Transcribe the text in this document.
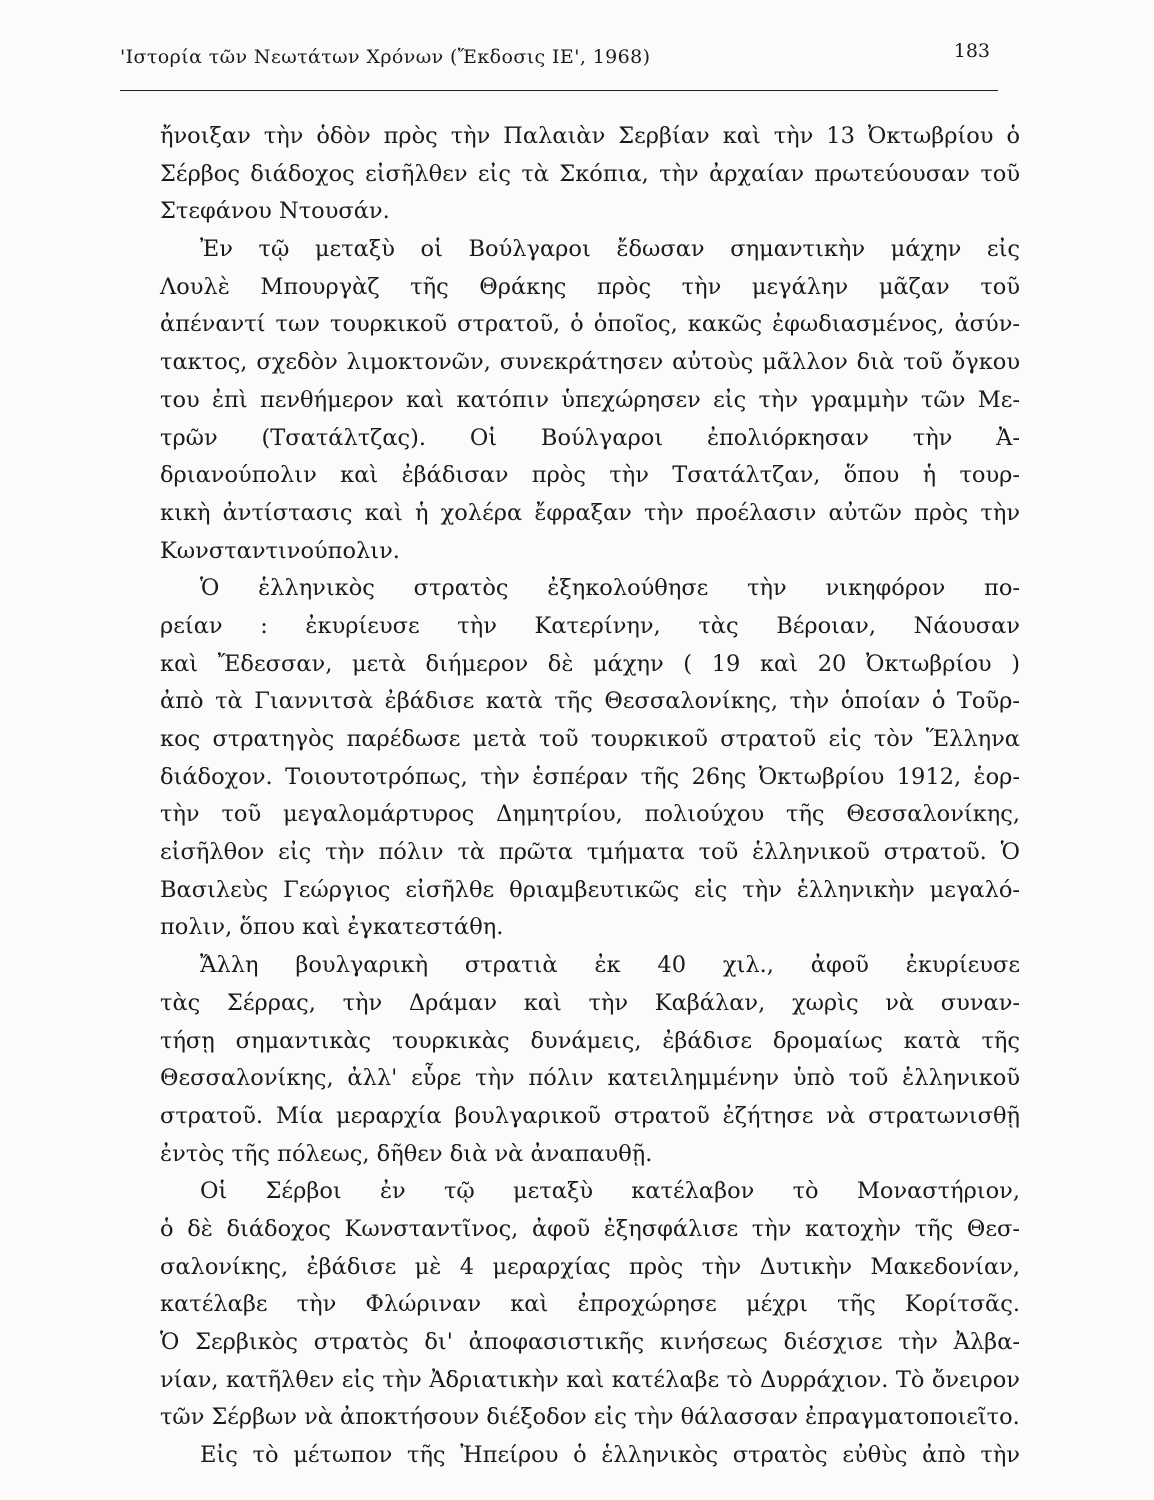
'Ιστορία τῶν Νεωτάτων Χρόνων (Ἔκδοσις ΙΕ', 1968)	183
ἤνοιξαν τὴν ὁδὸν πρὸς τὴν Παλαιὰν Σερβίαν καὶ τὴν 13 Ὀκτωβρίου ὁ
Σέρβος διάδοχος εἰσῆλθεν εἰς τὰ Σκόπια, τὴν ἀρχαίαν πρωτεύουσαν τοῦ
Στεφάνου Ντουσάν.
Ἐν τῷ μεταξὺ οἱ Βούλγαροι ἔδωσαν σημαντικὴν μάχην εἰς
Λουλὲ Μπουργὰζ τῆς Θράκης πρὸς τὴν μεγάλην μᾶζαν τοῦ
ἀπέναντί των τουρκικοῦ στρατοῦ, ὁ ὁποῖος, κακῶς ἐφωδιασμένος, ἀσύν-
τακτος, σχεδὸν λιμοκτονῶν, συνεκράτησεν αὐτοὺς μᾶλλον διὰ τοῦ ὄγκου
του ἐπὶ πενθήμερον καὶ κατόπιν ὑπεχώρησεν εἰς τὴν γραμμὴν τῶν Με-
τρῶν (Τσατάλτζας). Οἱ Βούλγαροι ἐπολιόρκησαν τὴν Ἀ-
δριανούπολιν καὶ ἐβάδισαν πρὸς τὴν Τσατάλτζαν, ὅπου ἡ τουρ-
κικὴ ἀντίστασις καὶ ἡ χολέρα ἔφραξαν τὴν προέλασιν αὐτῶν πρὸς τὴν
Κωνσταντινούπολιν.
Ὁ ἑλληνικὸς στρατὸς ἐξηκολούθησε τὴν νικηφόρον πο-
ρείαν : ἐκυρίευσε τὴν Κατερίνην, τὰς Βέροιαν, Νάουσαν
καὶ Ἔδεσσαν, μετὰ διήμερον δὲ μάχην ( 19 καὶ 20 Ὀκτωβρίου )
ἀπὸ τὰ Γιαννιτσὰ ἐβάδισε κατὰ τῆς Θεσσαλονίκης, τὴν ὁποίαν ὁ Τοῦρ-
κος στρατηγὸς παρέδωσε μετὰ τοῦ τουρκικοῦ στρατοῦ εἰς τὸν Ἕλληνα
διάδοχον. Τοιουτοτρόπως, τὴν ἑσπέραν τῆς 26ης Ὀκτωβρίου 1912, ἑορ-
τὴν τοῦ μεγαλομάρτυρος Δημητρίου, πολιούχου τῆς Θεσσαλονίκης,
εἰσῆλθον εἰς τὴν πόλιν τὰ πρῶτα τμήματα τοῦ ἑλληνικοῦ στρατοῦ. Ὁ
Βασιλεὺς Γεώργιος εἰσῆλθε θριαμβευτικῶς εἰς τὴν ἑλληνικὴν μεγαλό-
πολιν, ὅπου καὶ ἐγκατεστάθη.
Ἄλλη βουλγαρικὴ στρατιὰ ἐκ 40 χιλ., ἀφοῦ ἐκυρίευσε
τὰς Σέρρας, τὴν Δράμαν καὶ τὴν Καβάλαν, χωρὶς νὰ συναν-
τήσῃ σημαντικὰς τουρκικὰς δυνάμεις, ἐβάδισε δρομαίως κατὰ τῆς
Θεσσαλονίκης, ἀλλ' εὗρε τὴν πόλιν κατειλημμένην ὑπὸ τοῦ ἑλληνικοῦ
στρατοῦ. Μία μεραρχία βουλγαρικοῦ στρατοῦ ἐζήτησε νὰ στρατωνισθῇ
ἐντὸς τῆς πόλεως, δῆθεν διὰ νὰ ἀναπαυθῇ.
Οἱ Σέρβοι ἐν τῷ μεταξὺ κατέλαβον τὸ Μοναστήριον,
ὁ δὲ διάδοχος Κωνσταντῖνος, ἀφοῦ ἐξησφάλισε τὴν κατοχὴν τῆς Θεσ-
σαλονίκης, ἐβάδισε μὲ 4 μεραρχίας πρὸς τὴν Δυτικὴν Μακεδονίαν,
κατέλαβε τὴν Φλώριναν καὶ ἐπροχώρησε μέχρι τῆς Κορίτσᾶς.
Ὁ Σερβικὸς στρατὸς δι' ἀποφασιστικῆς κινήσεως διέσχισε τὴν Ἀλβα-
νίαν, κατῆλθεν εἰς τὴν Ἀδριατικὴν καὶ κατέλαβε τὸ Δυρράχιον. Τὸ ὄνειρον
τῶν Σέρβων νὰ ἀποκτήσουν διέξοδον εἰς τὴν θάλασσαν ἐπραγματοποιεῖτο.
Εἰς τὸ μέτωπον τῆς Ἠπείρου ὁ ἑλληνικὸς στρατὸς εὐθὺς ἀπὸ τὴν
